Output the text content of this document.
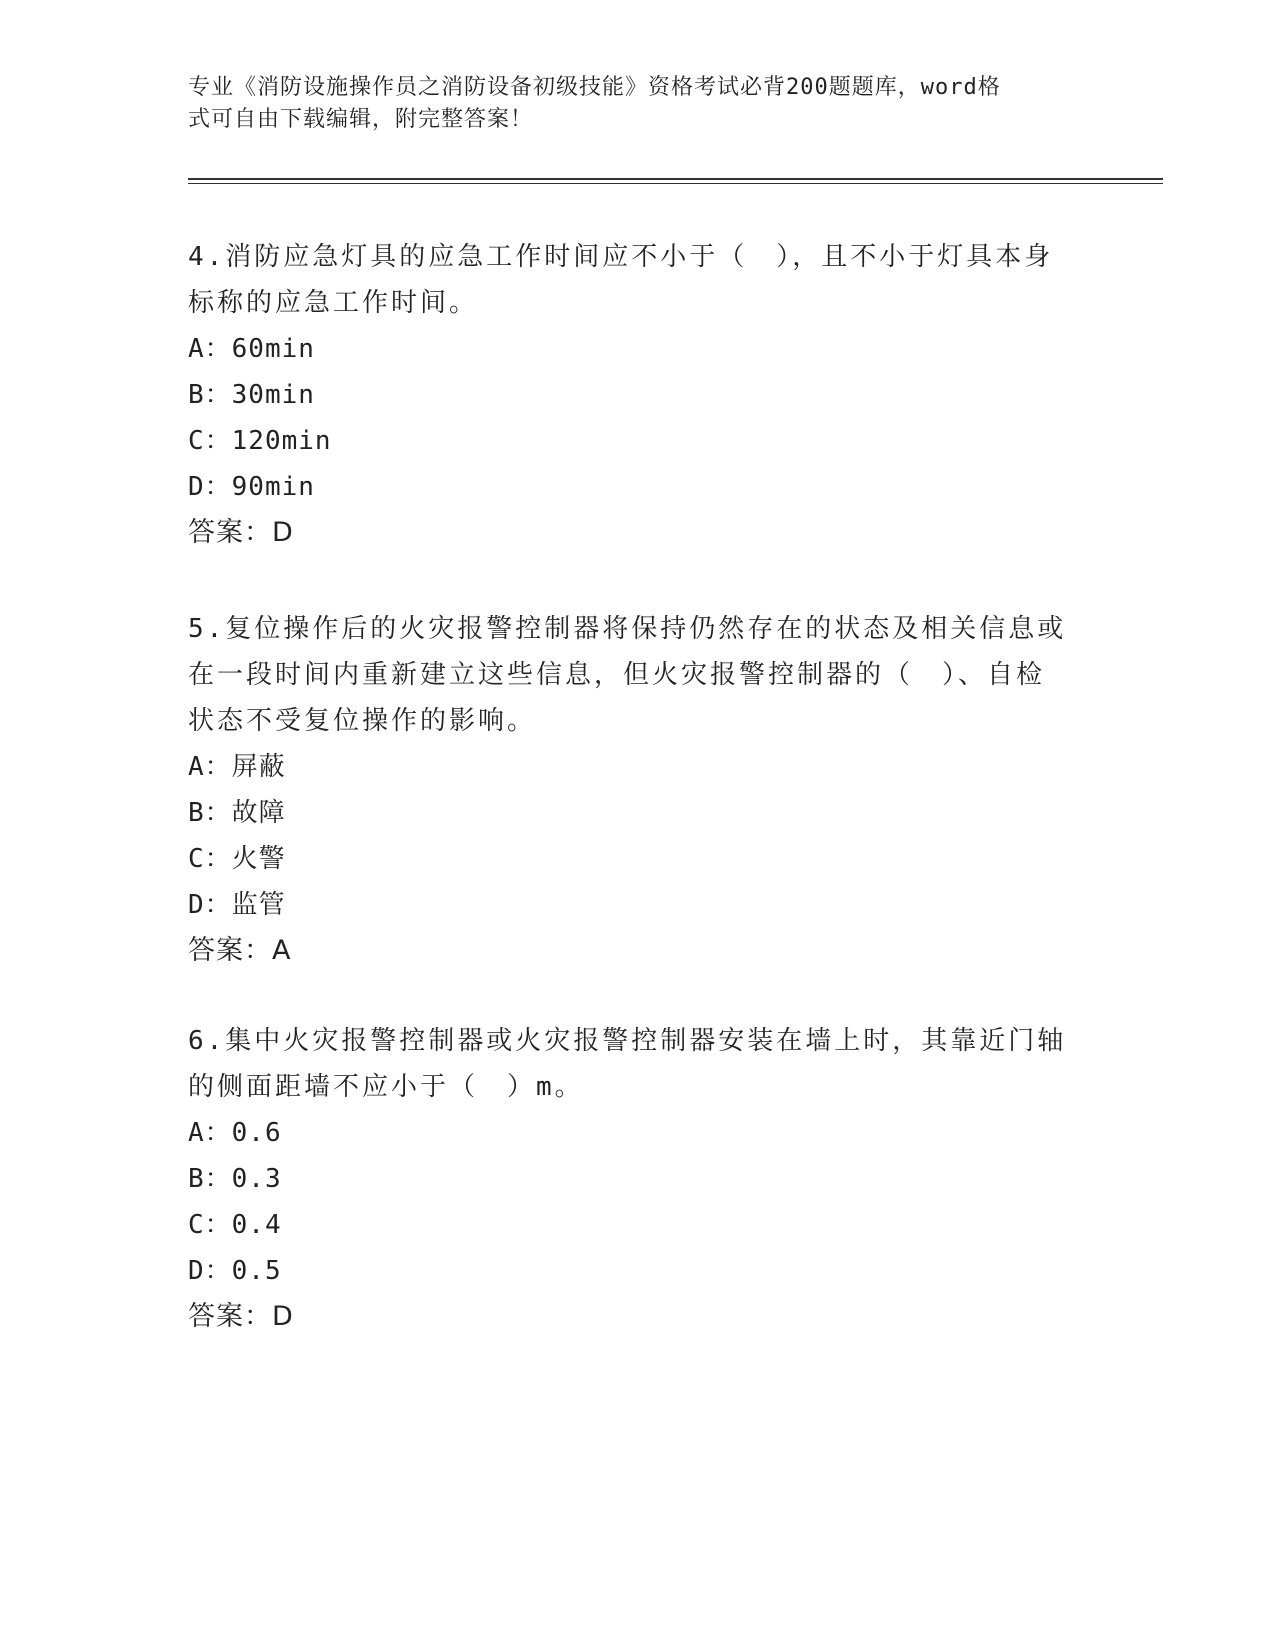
专业《消防设施操作员之消防设备初级技能》资格考试必背200题题库，word格
式可自由下载编辑，附完整答案！

4.消防应急灯具的应急工作时间应不小于（　），且不小于灯具本身

标称的应急工作时间。

A：60min

B：30min

C：120min

D：90min

答案：D

5.复位操作后的火灾报警控制器将保持仍然存在的状态及相关信息或

在一段时间内重新建立这些信息，但火灾报警控制器的（　）、自检

状态不受复位操作的影响。

A：屏蔽

B：故障

C：火警

D：监管

答案：A

6.集中火灾报警控制器或火灾报警控制器安装在墙上时，其靠近门轴

的侧面距墙不应小于（　）m。

A：0.6

B：0.3

C：0.4

D：0.5

答案：D
